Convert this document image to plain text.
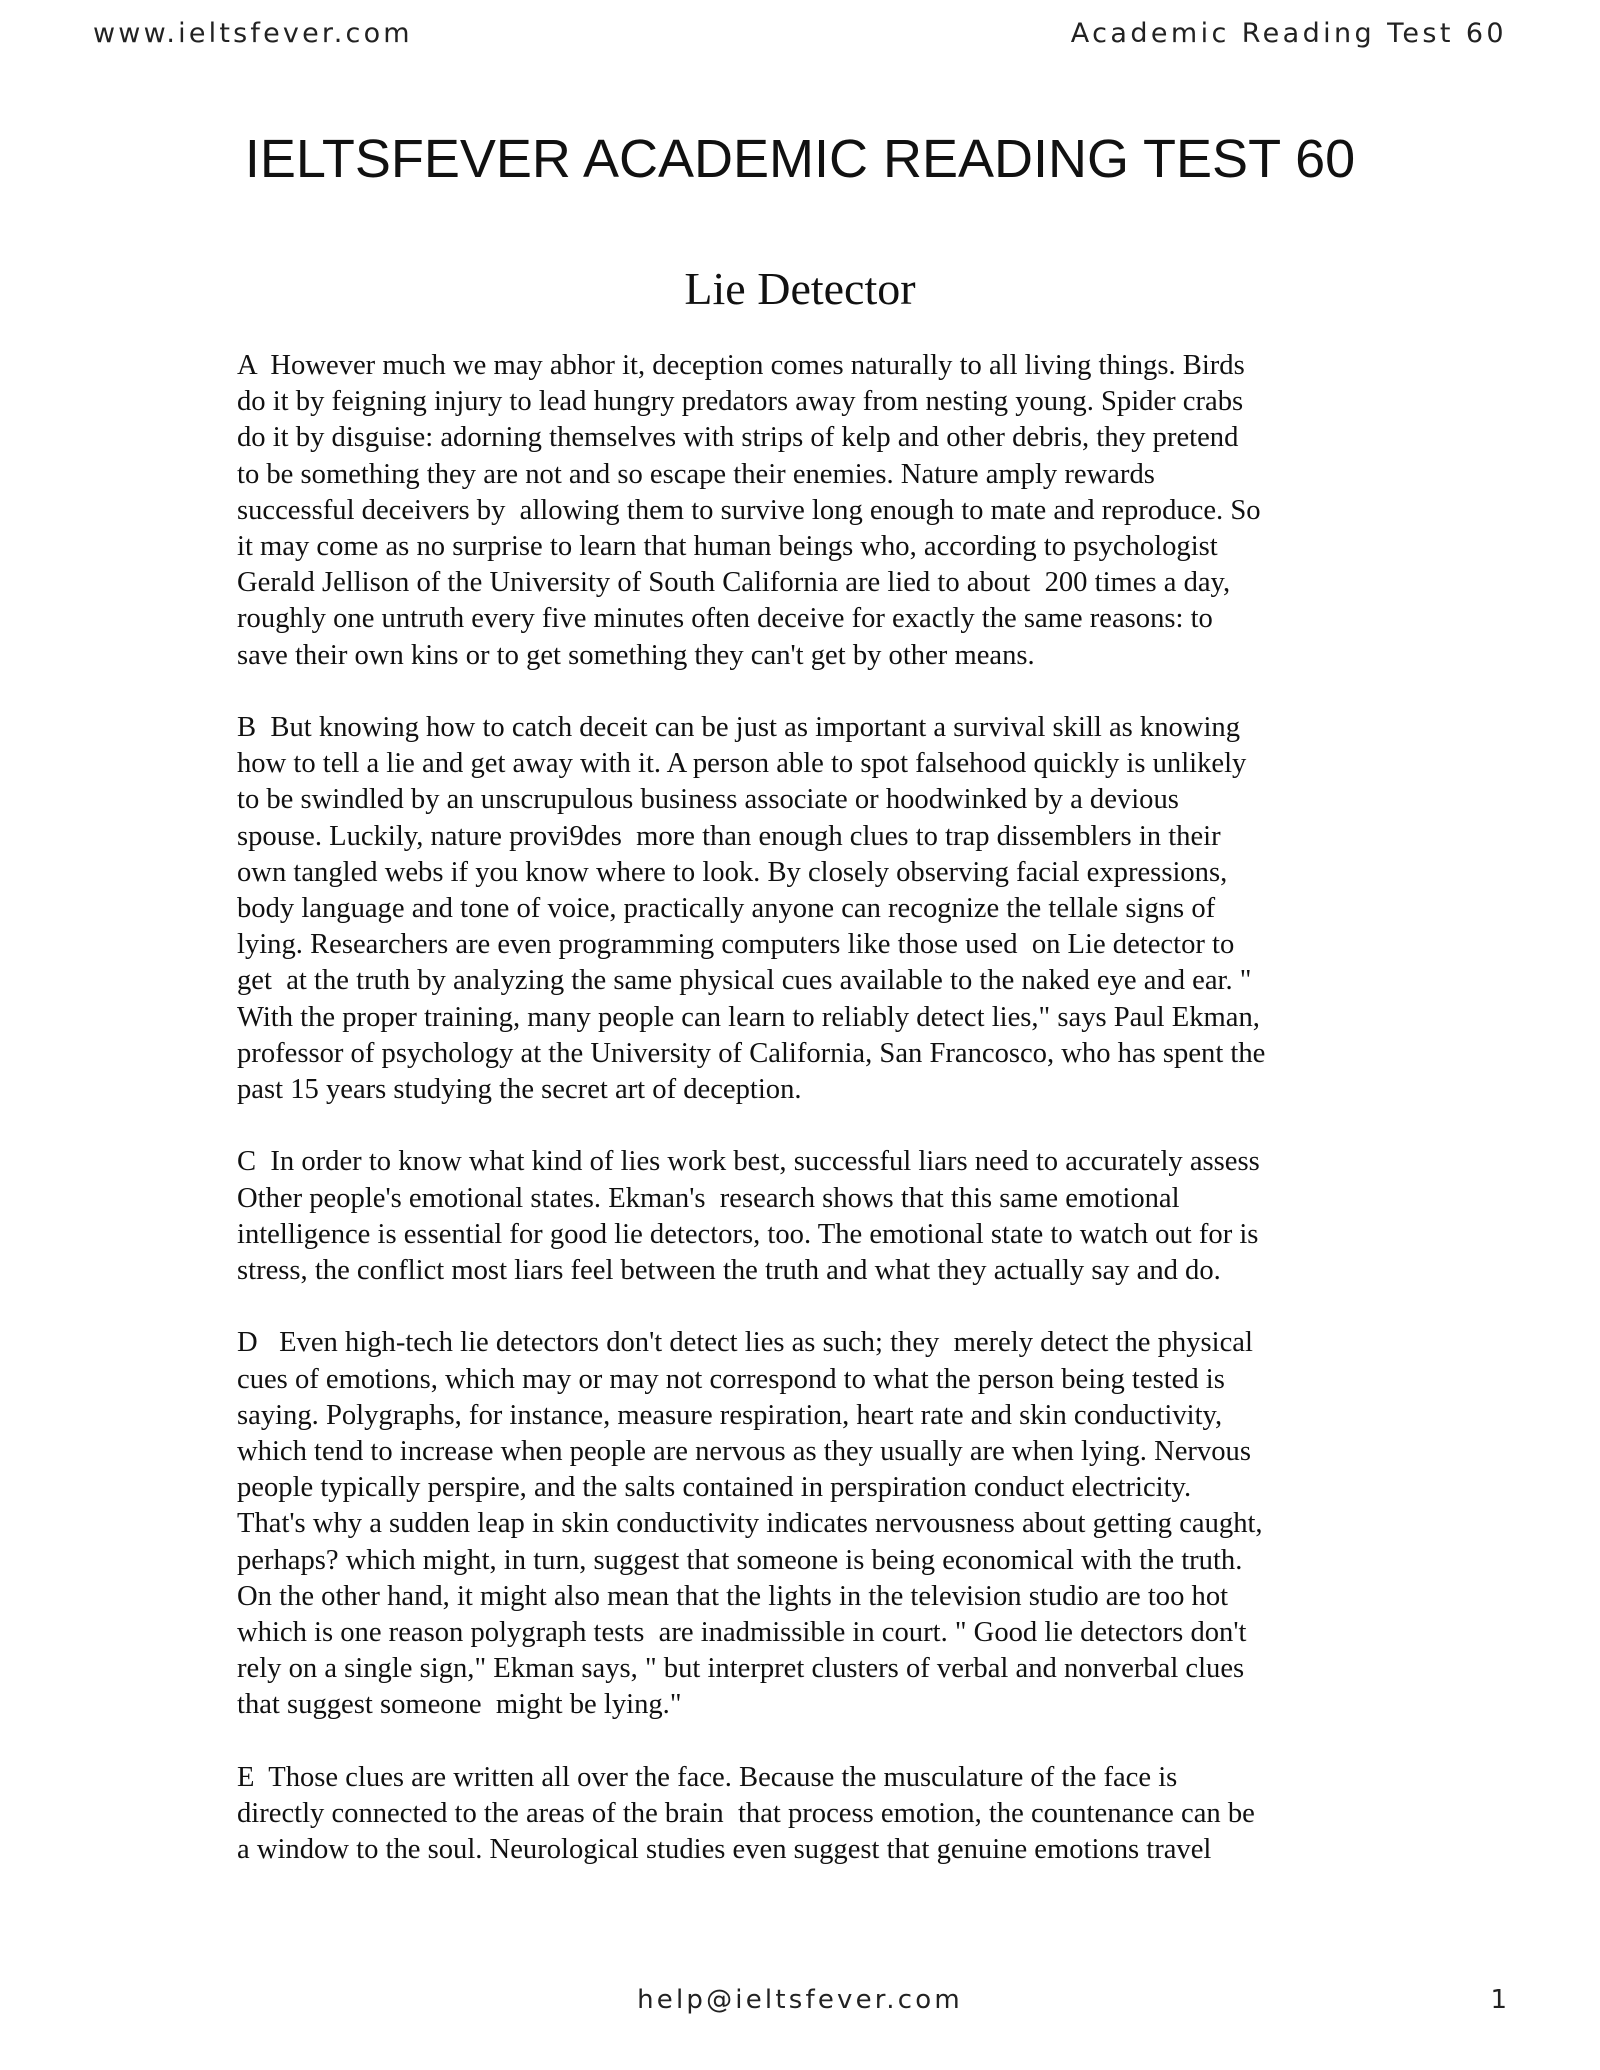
www.ieltsfever.com	Academic Reading Test 60

IELTSFEVER ACADEMIC READING TEST 60
Lie Detector
A  However much we may abhor it, deception comes naturally to all living things. Birds
do it by feigning injury to lead hungry predators away from nesting young. Spider crabs
do it by disguise: adorning themselves with strips of kelp and other debris, they pretend
to be something they are not and so escape their enemies. Nature amply rewards
successful deceivers by  allowing them to survive long enough to mate and reproduce. So
it may come as no surprise to learn that human beings who, according to psychologist
Gerald Jellison of the University of South California are lied to about  200 times a day,
roughly one untruth every five minutes often deceive for exactly the same reasons: to
save their own kins or to get something they can't get by other means.
B  But knowing how to catch deceit can be just as important a survival skill as knowing
how to tell a lie and get away with it. A person able to spot falsehood quickly is unlikely
to be swindled by an unscrupulous business associate or hoodwinked by a devious
spouse. Luckily, nature provi9des  more than enough clues to trap dissemblers in their
own tangled webs if you know where to look. By closely observing facial expressions,
body language and tone of voice, practically anyone can recognize the tellale signs of
lying. Researchers are even programming computers like those used  on Lie detector to
get  at the truth by analyzing the same physical cues available to the naked eye and ear. "
With the proper training, many people can learn to reliably detect lies," says Paul Ekman,
professor of psychology at the University of California, San Francosco, who has spent the
past 15 years studying the secret art of deception.
C  In order to know what kind of lies work best, successful liars need to accurately assess
Other people's emotional states. Ekman's  research shows that this same emotional
intelligence is essential for good lie detectors, too. The emotional state to watch out for is
stress, the conflict most liars feel between the truth and what they actually say and do.
D   Even high-tech lie detectors don't detect lies as such; they  merely detect the physical
cues of emotions, which may or may not correspond to what the person being tested is
saying. Polygraphs, for instance, measure respiration, heart rate and skin conductivity,
which tend to increase when people are nervous as they usually are when lying. Nervous
people typically perspire, and the salts contained in perspiration conduct electricity.
That's why a sudden leap in skin conductivity indicates nervousness about getting caught,
perhaps? which might, in turn, suggest that someone is being economical with the truth.
On the other hand, it might also mean that the lights in the television studio are too hot
which is one reason polygraph tests  are inadmissible in court. " Good lie detectors don't
rely on a single sign," Ekman says, " but interpret clusters of verbal and nonverbal clues
that suggest someone  might be lying."
E  Those clues are written all over the face. Because the musculature of the face is
directly connected to the areas of the brain  that process emotion, the countenance can be
a window to the soul. Neurological studies even suggest that genuine emotions travel

help@ieltsfever.com	1
